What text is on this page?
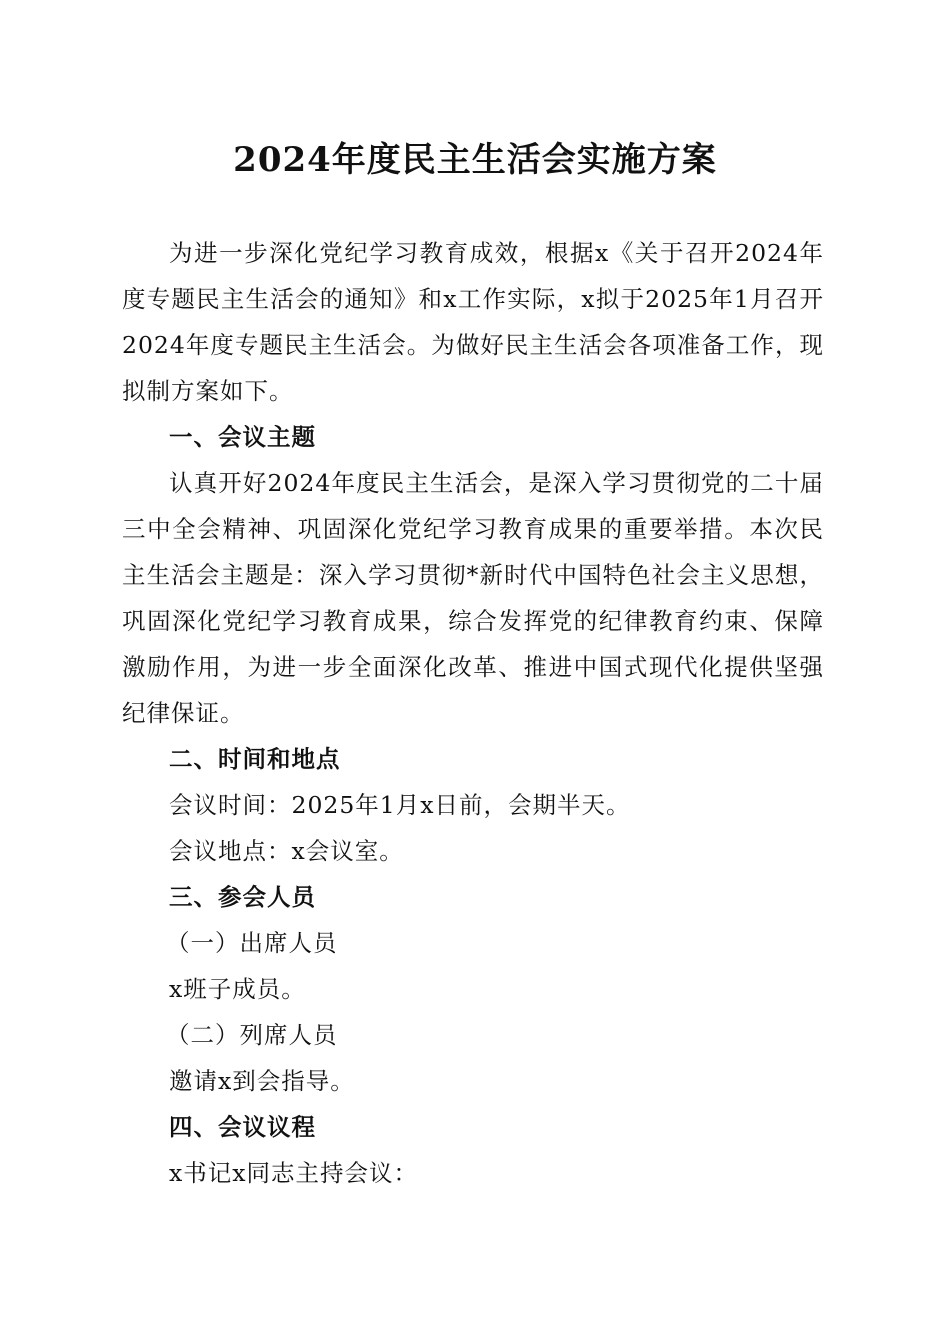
2024年度民主生活会实施方案

为进一步深化党纪学习教育成效，根据x《关于召开2024年度专题民主生活会的通知》和x工作实际，x拟于2025年1月召开2024年度专题民主生活会。为做好民主生活会各项准备工作，现拟制方案如下。

一、会议主题

认真开好2024年度民主生活会，是深入学习贯彻党的二十届三中全会精神、巩固深化党纪学习教育成果的重要举措。本次民主生活会主题是：深入学习贯彻*新时代中国特色社会主义思想，巩固深化党纪学习教育成果，综合发挥党的纪律教育约束、保障激励作用，为进一步全面深化改革、推进中国式现代化提供坚强纪律保证。

二、时间和地点

会议时间：2025年1月x日前，会期半天。

会议地点：x会议室。

三、参会人员

（一）出席人员

x班子成员。

（二）列席人员

邀请x到会指导。

四、会议议程

x书记x同志主持会议：
